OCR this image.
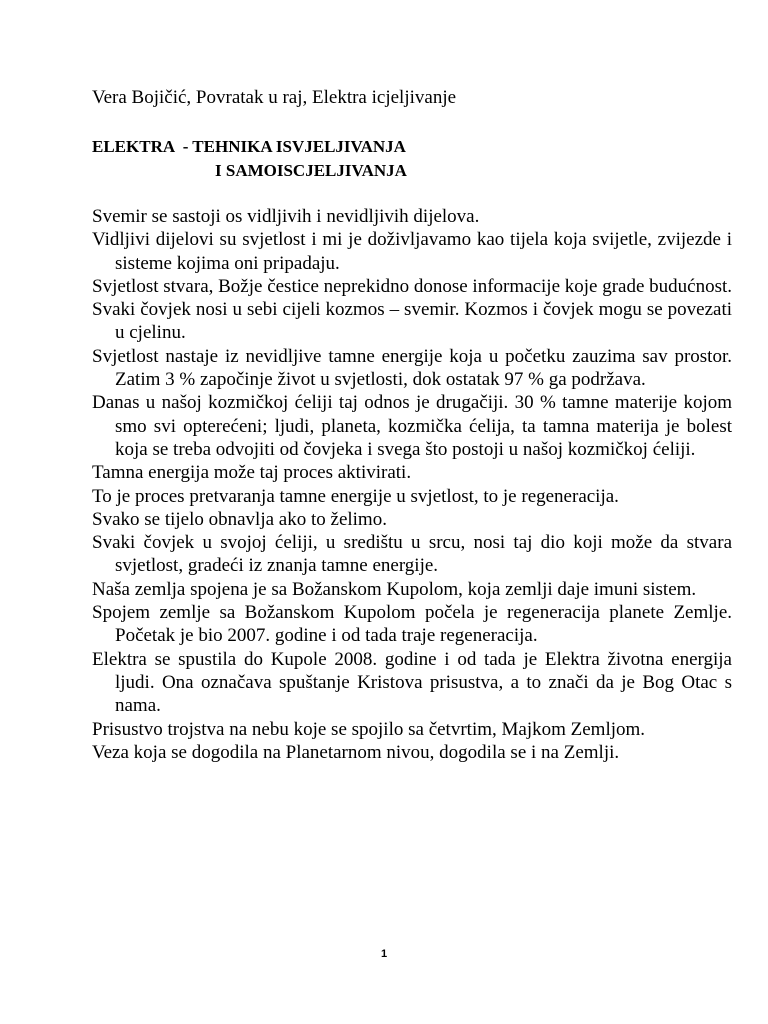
Vera Bojičić, Povratak u raj, Elektra icjeljivanje
ELEKTRA  - TEHNIKA ISVJELJIVANJA
I SAMOISCJELJIVANJA

Svemir se sastoji os vidljivih i nevidljivih dijelova.

Vidljivi dijelovi su svjetlost i mi je doživljavamo kao tijela koja svijetle, zvijezde i sisteme kojima oni pripadaju.

Svjetlost stvara, Božje čestice neprekidno donose informacije koje grade budućnost.

Svaki čovjek nosi u sebi cijeli kozmos – svemir. Kozmos i čovjek mogu se povezati u cjelinu.

Svjetlost nastaje iz nevidljive tamne energije koja u početku zauzima sav prostor. Zatim 3 % započinje život u svjetlosti, dok ostatak 97 % ga podržava.

Danas u našoj kozmičkoj ćeliji taj odnos je drugačiji. 30 % tamne materije kojom smo svi opterećeni; ljudi, planeta, kozmička ćelija, ta tamna materija je bolest koja se treba odvojiti od čovjeka i svega što postoji u našoj kozmičkoj ćeliji.

Tamna energija može taj proces aktivirati.

To je proces pretvaranja tamne energije u svjetlost, to je regeneracija.

Svako se tijelo obnavlja ako to želimo.

Svaki čovjek u svojoj ćeliji, u središtu u srcu, nosi taj dio koji može da stvara svjetlost, gradeći iz znanja tamne energije.

Naša zemlja spojena je sa Božanskom Kupolom, koja zemlji daje imuni sistem.

Spojem zemlje sa Božanskom Kupolom počela je regeneracija planete Zemlje. Početak je bio 2007. godine i od tada traje regeneracija.

Elektra se spustila do Kupole 2008. godine i od tada je Elektra životna energija ljudi. Ona označava spuštanje Kristova prisustva, a to znači da je Bog Otac s nama.

Prisustvo trojstva na nebu koje se spojilo sa četvrtim, Majkom Zemljom.

Veza koja se dogodila na Planetarnom nivou, dogodila se i na Zemlji.

1
